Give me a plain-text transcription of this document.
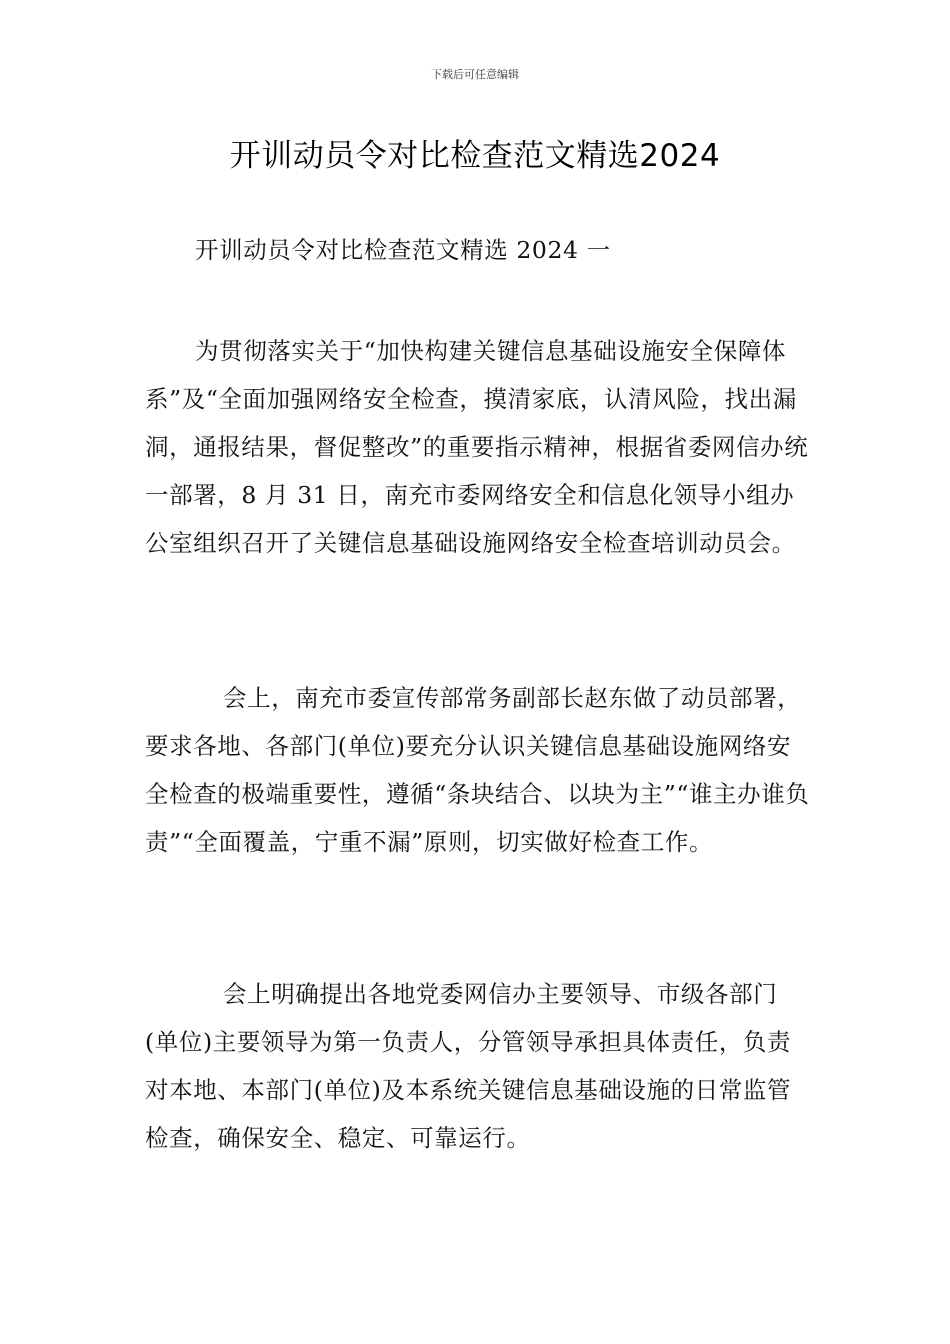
下载后可任意编辑
开训动员令对比检查范文精选2024

开训动员令对比检查范文精选 2024 一

为贯彻落实关于“加快构建关键信息基础设施安全保障体系”及“全面加强网络安全检查，摸清家底，认清风险，找出漏洞，通报结果，督促整改”的重要指示精神，根据省委网信办统一部署，8 月 31 日，南充市委网络安全和信息化领导小组办公室组织召开了关键信息基础设施网络安全检查培训动员会。

会上，南充市委宣传部常务副部长赵东做了动员部署，要求各地、各部门(单位)要充分认识关键信息基础设施网络安全检查的极端重要性，遵循“条块结合、以块为主”“谁主办谁负责”“全面覆盖，宁重不漏”原则，切实做好检查工作。

会上明确提出各地党委网信办主要领导、市级各部门(单位)主要领导为第一负责人，分管领导承担具体责任，负责对本地、本部门(单位)及本系统关键信息基础设施的日常监管检查，确保安全、稳定、可靠运行。
